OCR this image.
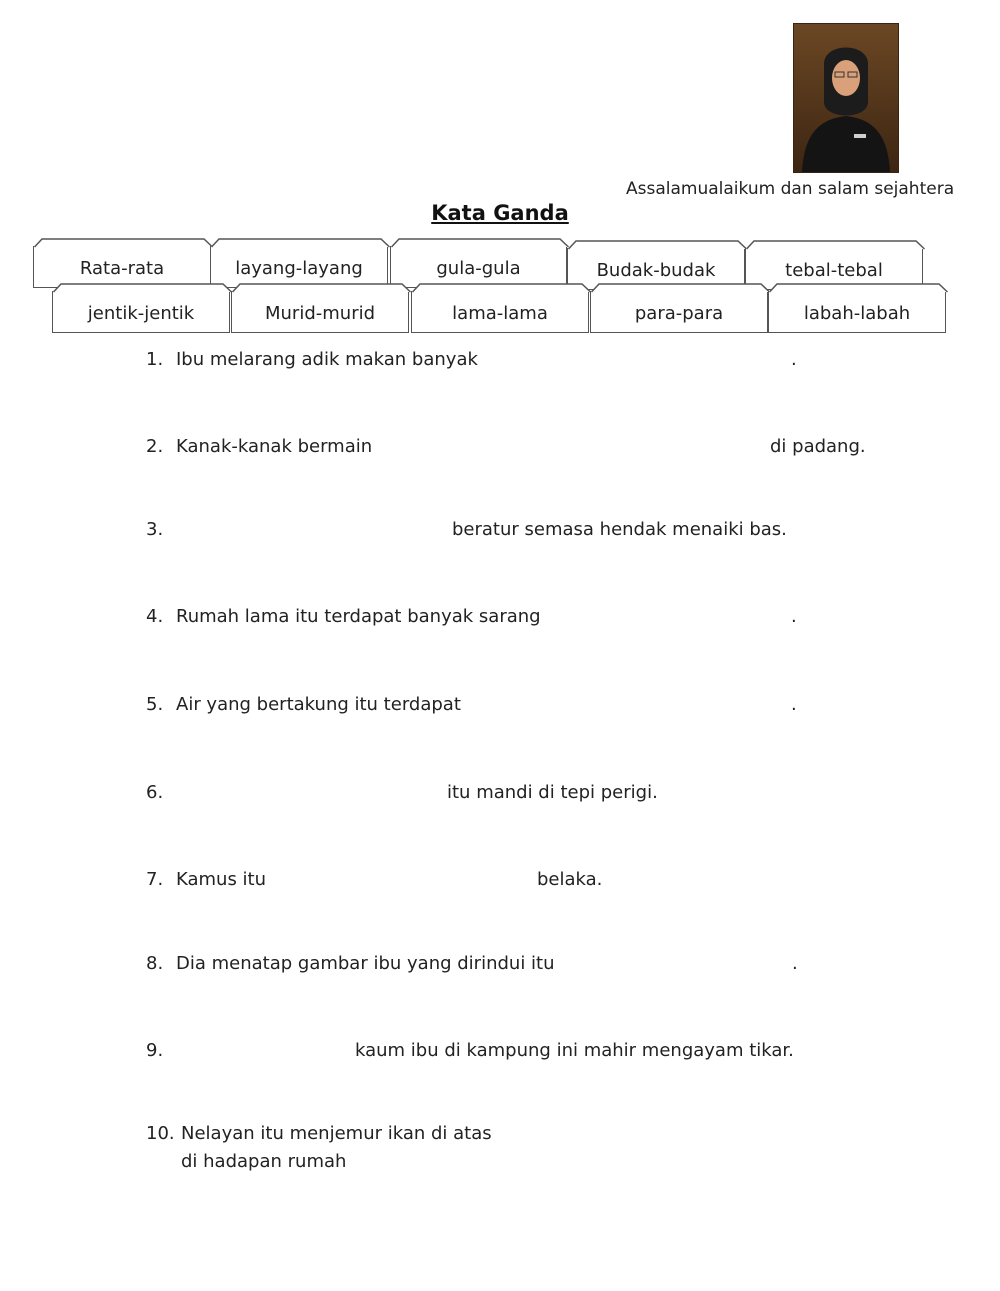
Assalamualaikum dan salam sejahtera
Kata Ganda
Rata-rata	layang-layang	gula-gula	Budak-budak	tebal-tebal
jentik-jentik	Murid-murid	lama-lama	para-para	labah-labah
1. Ibu melarang adik makan banyak	.
2. Kanak-kanak bermain	di padang.
3.	beratur semasa hendak menaiki bas.
4. Rumah lama itu terdapat banyak sarang	.
5. Air yang bertakung itu terdapat	.
6.	itu mandi di tepi perigi.
7. Kamus itu	belaka.
8. Dia menatap gambar ibu yang dirindui itu	.
9.	kaum ibu di kampung ini mahir mengayam tikar.
10. Nelayan itu menjemur ikan di atas
di hadapan rumah
